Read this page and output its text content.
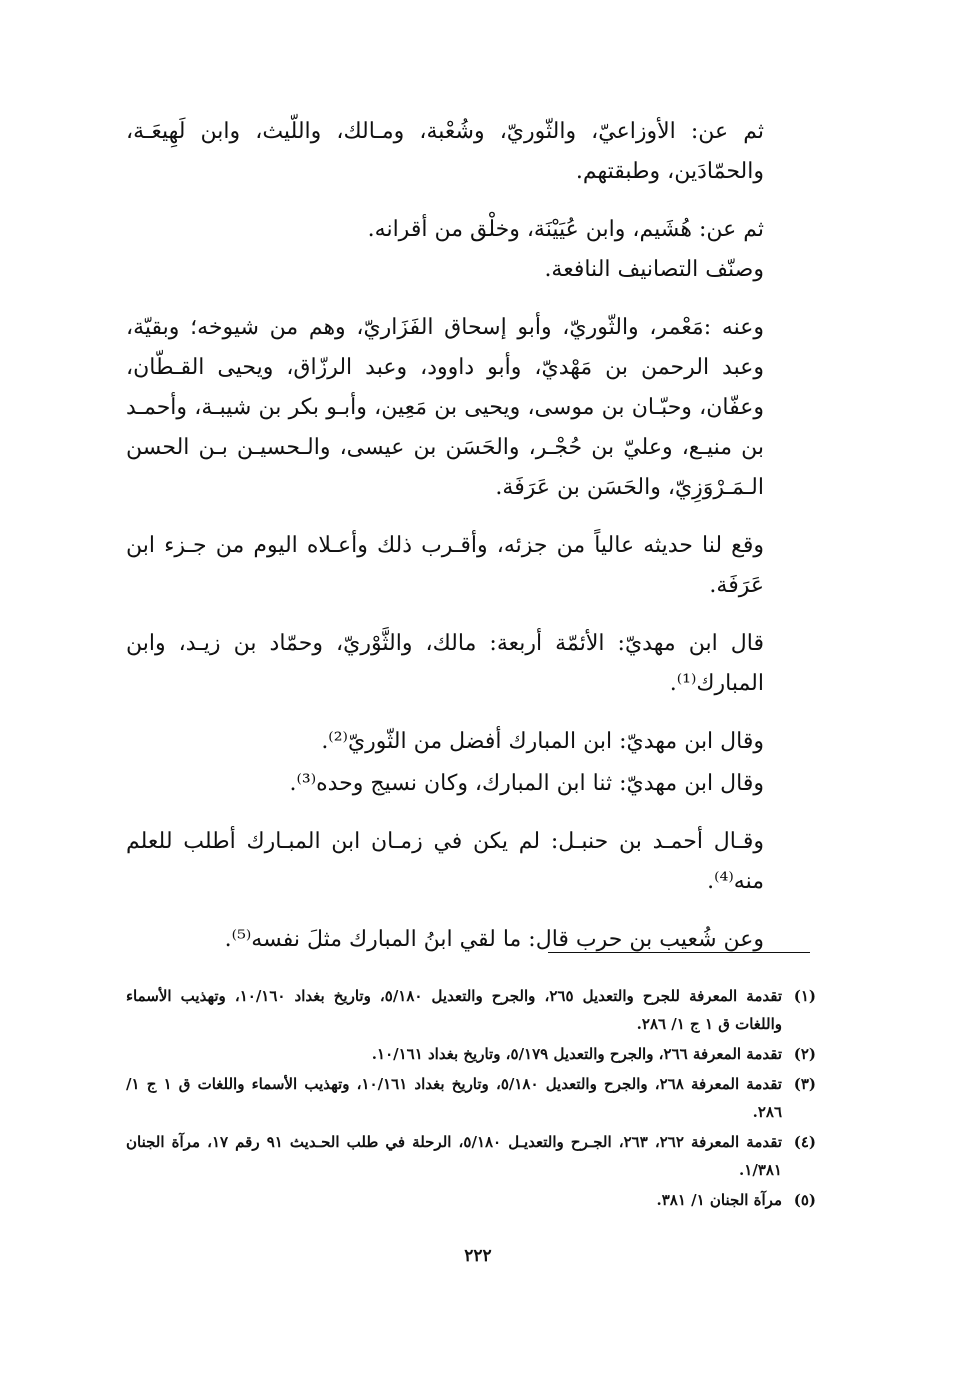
ثم عن: الأوزاعيّ، والثّوريّ، وشُعْبة، ومـالك، واللّيث، وابن لَهِيعَـة، والحمّادَين، وطبقتهم.

ثم عن: هُشَيم، وابن عُيَيْنَة، وخلْق من أقرانه.
وصنّف التصانيف النافعة.

وعنه :مَعْمر، والثّوريّ، وأبو إسحاق الفَزَاريّ، وهم من شيوخه؛ وبقيّة، وعبد الرحمن بن مَهْديّ، وأبو داوود، وعبد الرزّاق، ويحيى القـطّان، وعفّان، وحبّـان بن موسى، ويحيى بن مَعِين، وأبـو بكر بن شيبـة، وأحمـد بن منيـع، وعليّ بن حُجْـر، والحَسَن بن عيسى، والـحسيـن بـن الحسن الـمَـرْوَزِيّ، والحَسَن بن عَرَفَة.

وقع لنا حديثه عالياً من جزئه، وأقـرب ذلك وأعـلاه اليوم من جـزء ابن عَرَفَة.

قال ابن مهديّ: الأئمّة أربعة: مالك، والثَّوْريّ، وحمّاد بن زيـد، وابن المبارك⁽¹⁾.

وقال ابن مهديّ: ابن المبارك أفضل من الثّوريّ⁽²⁾.

وقال ابن مهديّ: ثنا ابن المبارك، وكان نسيج وحده⁽³⁾.

وقـال أحمـد بن حنبـل: لم يكن في زمـان ابن المبـارك أطلب للعلم منه⁽⁴⁾.

وعن شُعيب بن حرب قال: ما لقي ابنُ المبارك مثلَ نفسه⁽⁵⁾.

(١)
تقدمة المعرفة للجرح والتعديل ٢٦٥، والجرح والتعديل ٥/١٨٠، وتاريخ بغداد ١٠/١٦٠، وتهذيب الأسماء واللغات ق ١ ج ١/ ٢٨٦.
(٢)
تقدمة المعرفة ٢٦٦، والجرح والتعديل ٥/١٧٩، وتاريخ بغداد ١٠/١٦١.
(٣)
تقدمة المعرفة ٢٦٨، والجرح والتعديل ٥/١٨٠، وتاريخ بغداد ١٠/١٦١، وتهذيب الأسماء واللغات ق ١ ج ١/ ٢٨٦.
(٤)
تقدمة المعرفة ٢٦٢، ٢٦٣، الجـرح والتعديـل ٥/١٨٠، الرحلة في طلب الحـديث ٩١ رقم ١٧، مرآة الجنان ١/٣٨١.
(٥)
مرآة الجنان ١/ ٣٨١.
٢٢٢
